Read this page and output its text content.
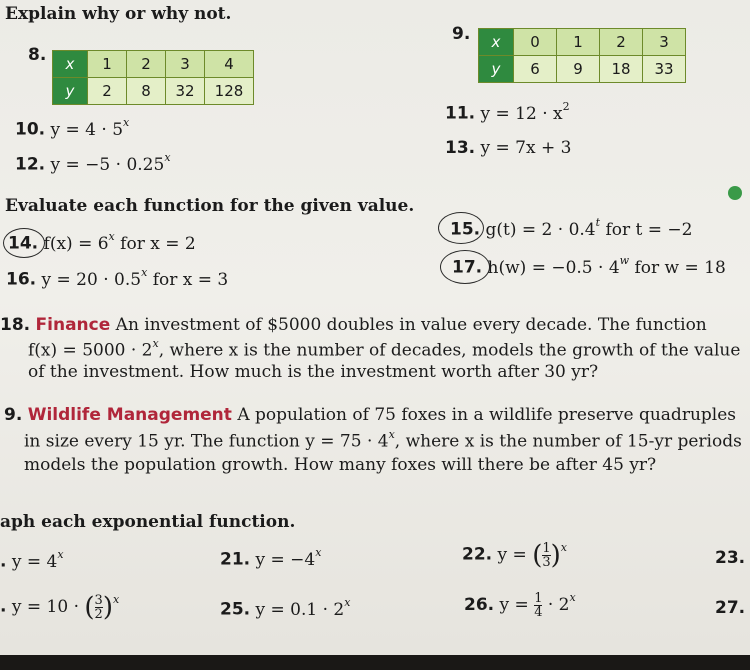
Explain why or why not.
8. x	1	2	3	4
y	2	8	32	128
9. x	0	1	2	3
y	6	9	18	33
10. $y = 4 \cdot 5^x$	11. $y = 12 \cdot x^2$
12. $y = -5 \cdot 0.25^x$	13. y = 7x + 3
Evaluate each function for the given value.
14. $f(x) = 6^x$ for x = 2
15. $g(t) = 2 \cdot 0.4^t$ for t = −2
16. $y = 20 \cdot 0.5^x$ for x = 3
17. $h(w) = -0.5 \cdot 4^w$ for w = 18
18. Finance An investment of $5000 doubles in value every decade. The function
$f(x) = 5000 \cdot 2^x$, where x is the number of decades, models the growth of the value
of the investment. How much is the investment worth after 30 yr?
9. Wildlife Management A population of 75 foxes in a wildlife preserve quadruples
in size every 15 yr. The function $y = 75 \cdot 4^x$, where x is the number of 15-yr periods
models the population growth. How many foxes will there be after 45 yr?
aph each exponential function.
. $y = 4^x$	21. $y = -4^x$	22. y = ( $\frac{1}{3} )^x$
23.
. y = 10 · ( $\frac{3}{2} )^x$
25. $y = 0.1 \cdot 2^x$	26. $y = \frac{1}{4} \cdot 2^x$
27.
